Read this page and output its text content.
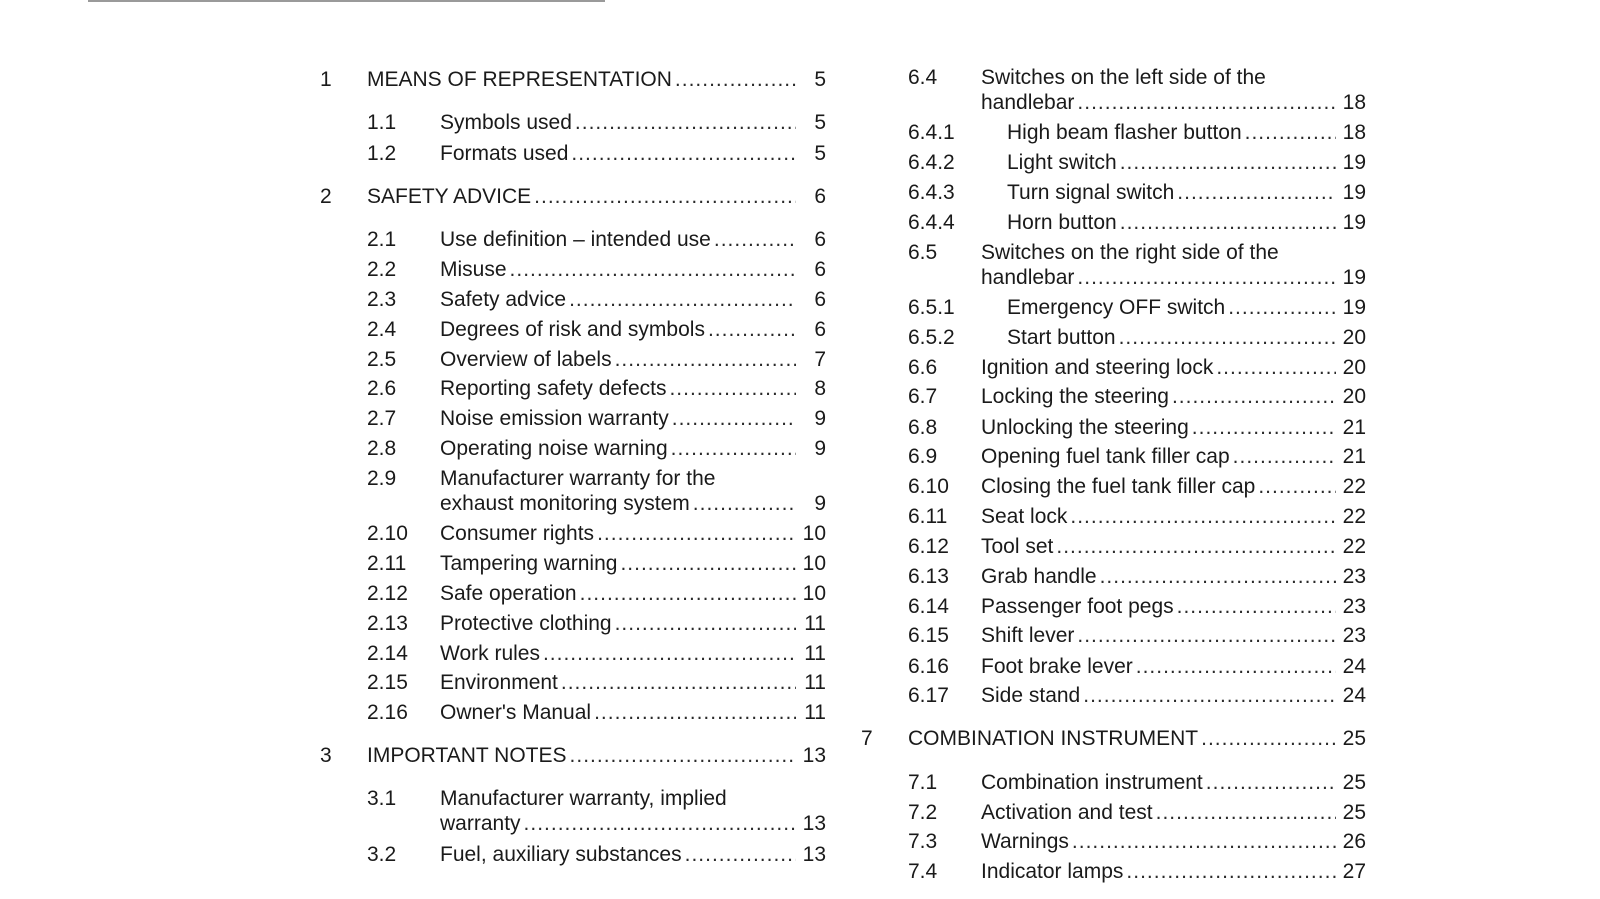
1 MEANS OF REPRESENTATION .....	5
1.1 Symbols used .....	5
1.2 Formats used .....	5
2 SAFETY ADVICE .....	6
2.1 Use definition – intended use .....	6
2.2 Misuse .....	6
2.3 Safety advice .....	6
2.4 Degrees of risk and symbols .....	6
2.5 Overview of labels .....	7
2.6 Reporting safety defects .....	8
2.7 Noise emission warranty .....	9
2.8 Operating noise warning .....	9
2.9 Manufacturer warranty for the
exhaust monitoring system .....	9
2.10 Consumer rights .....	10
2.11 Tampering warning .....	10
2.12 Safe operation .....	10
2.13 Protective clothing .....	11
2.14 Work rules .....	11
2.15 Environment .....	11
2.16 Owner's Manual .....	11
3 IMPORTANT NOTES .....	13
3.1 Manufacturer warranty, implied
warranty .....	13
3.2 Fuel, auxiliary substances .....	13
6.4 Switches on the left side of the
handlebar .....	18
6.4.1 High beam flasher button .....	18
6.4.2 Light switch .....	19
6.4.3 Turn signal switch .....	19
6.4.4 Horn button .....	19
6.5 Switches on the right side of the
handlebar .....	19
6.5.1 Emergency OFF switch .....	19
6.5.2 Start button .....	20
6.6 Ignition and steering lock .....	20
6.7 Locking the steering .....	20
6.8 Unlocking the steering .....	21
6.9 Opening fuel tank filler cap .....	21
6.10 Closing the fuel tank filler cap .....	22
6.11 Seat lock .....	22
6.12 Tool set .....	22
6.13 Grab handle .....	23
6.14 Passenger foot pegs .....	23
6.15 Shift lever .....	23
6.16 Foot brake lever .....	24
6.17 Side stand .....	24
7 COMBINATION INSTRUMENT .....	25
7.1 Combination instrument .....	25
7.2 Activation and test .....	25
7.3 Warnings .....	26
7.4 Indicator lamps .....	27
